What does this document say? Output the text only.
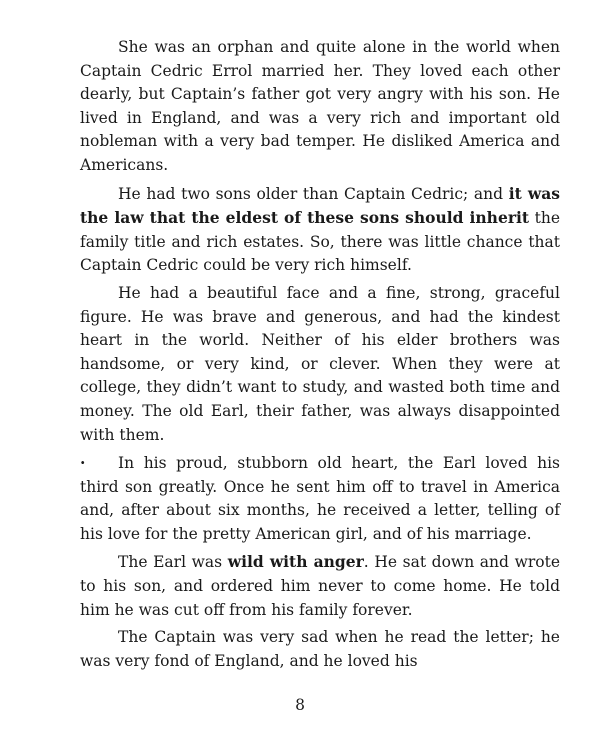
She was an orphan and quite alone in the world when Captain Cedric Errol married her. They loved each other dearly, but Captain’s father got very angry with his son. He lived in England, and was a very rich and important old nobleman with a very bad temper. He disliked America and Americans.

He had two sons older than Captain Cedric; and it was the law that the eldest of these sons should inherit the family title and rich estates. So, there was little chance that Captain Cedric could be very rich himself.

He had a beautiful face and a fine, strong, graceful figure. He was brave and generous, and had the kindest heart in the world. Neither of his elder brothers was handsome, or very kind, or clever. When they were at college, they didn’t want to study, and wasted both time and money. The old Earl, their father, was always disappointed with them.

· In his proud, stubborn old heart, the Earl loved his third son greatly. Once he sent him off to travel in America and, after about six months, he received a letter, telling of his love for the pretty American girl, and of his marriage.

The Earl was wild with anger. He sat down and wrote to his son, and ordered him never to come home. He told him he was cut off from his family forever.

The Captain was very sad when he read the letter; he was very fond of England, and he loved his

8
